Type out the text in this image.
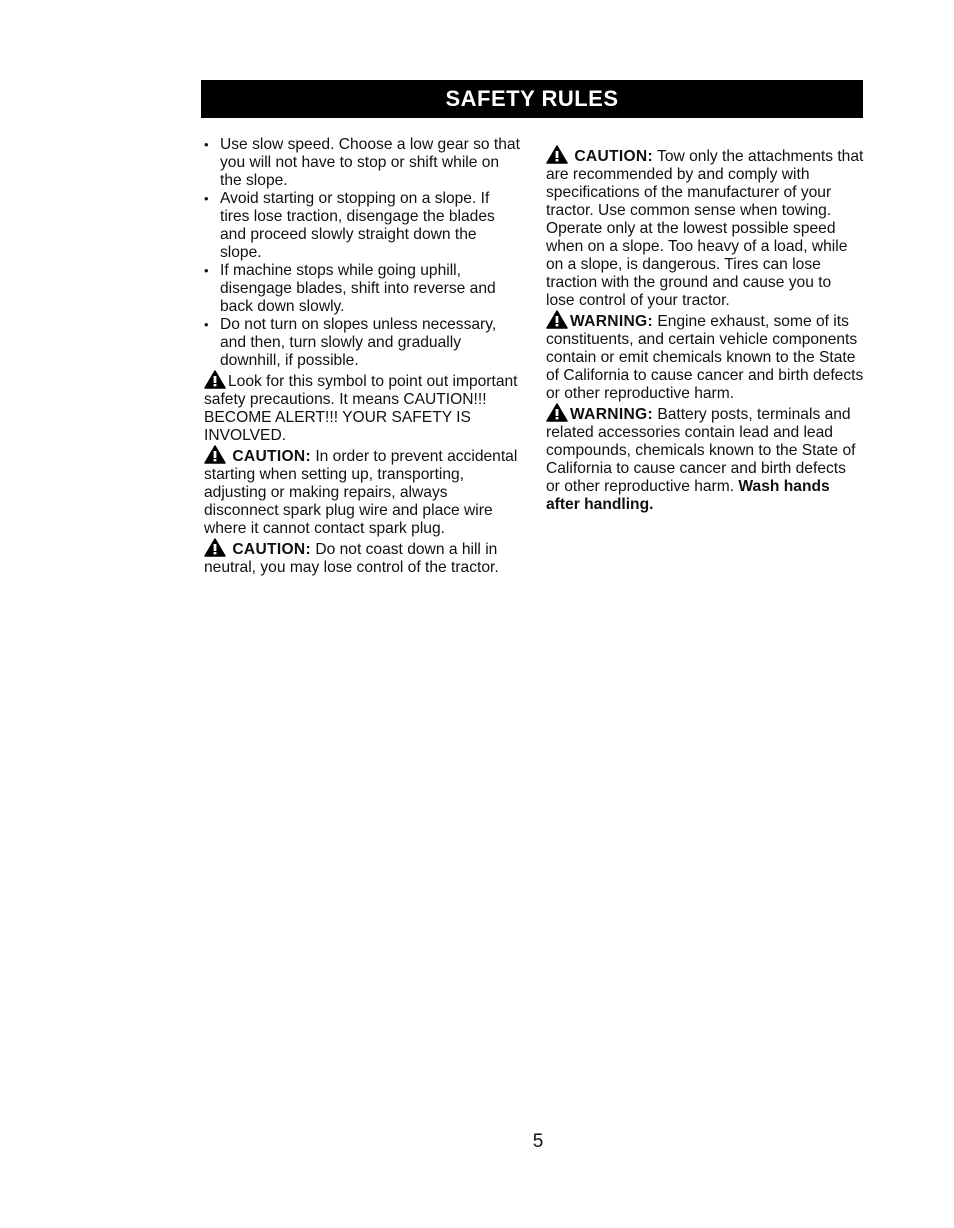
SAFETY RULES
• Use slow speed. Choose a low gear so that you will not have to stop or shift while on the slope.
• Avoid starting or stopping on a slope. If tires lose traction, disengage the blades and proceed slowly straight down the slope.
• If machine stops while going uphill, disengage blades, shift into reverse and back down slowly.
• Do not turn on slopes unless necessary, and then, turn slowly and gradually downhill, if possible.

Look for this symbol to point out important safety precautions. It means CAUTION!!! BECOME ALERT!!! YOUR SAFETY IS INVOLVED.

CAUTION: In order to prevent accidental starting when setting up, transporting, adjusting or making repairs, always disconnect spark plug wire and place wire where it cannot contact spark plug.

CAUTION: Do not coast down a hill in neutral, you may lose control of the tractor.

CAUTION: Tow only the attachments that are recommended by and comply with specifications of the manufacturer of your tractor. Use common sense when towing. Operate only at the lowest possible speed when on a slope. Too heavy of a load, while on a slope, is dangerous. Tires can lose traction with the ground and cause you to lose control of your tractor.

WARNING: Engine exhaust, some of its constituents, and certain vehicle components contain or emit chemicals known to the State of California to cause cancer and birth defects or other reproductive harm.

WARNING: Battery posts, terminals and related accessories contain lead and lead compounds, chemicals known to the State of California to cause cancer and birth defects or other reproductive harm. Wash hands after handling.

5
